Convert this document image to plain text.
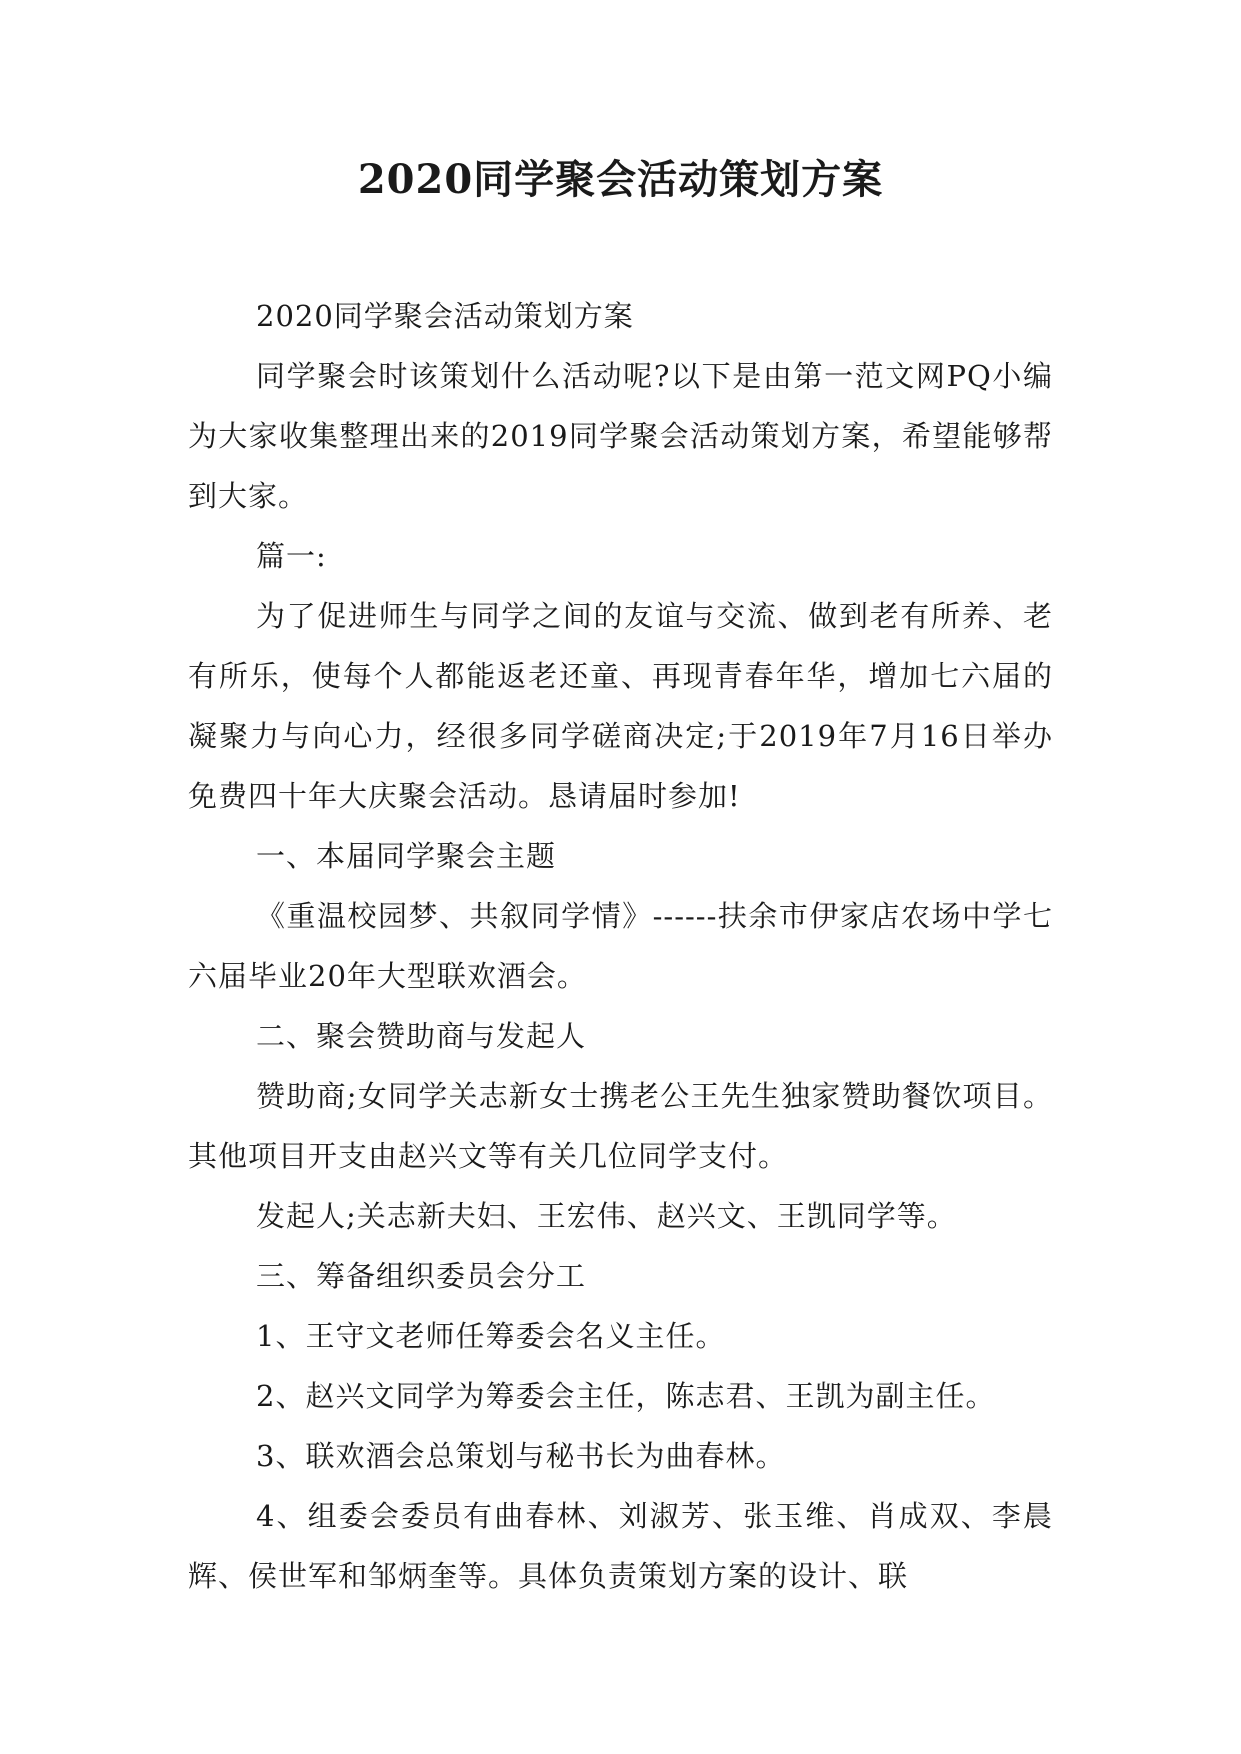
2020同学聚会活动策划方案

2020同学聚会活动策划方案

同学聚会时该策划什么活动呢?以下是由第一范文网PQ小编为大家收集整理出来的2019同学聚会活动策划方案，希望能够帮到大家。

篇一:

为了促进师生与同学之间的友谊与交流、做到老有所养、老有所乐，使每个人都能返老还童、再现青春年华，增加七六届的凝聚力与向心力，经很多同学磋商决定;于2019年7月16日举办免费四十年大庆聚会活动。恳请届时参加!

一、本届同学聚会主题

《重温校园梦、共叙同学情》------扶余市伊家店农场中学七六届毕业20年大型联欢酒会。

二、聚会赞助商与发起人

赞助商;女同学关志新女士携老公王先生独家赞助餐饮项目。其他项目开支由赵兴文等有关几位同学支付。

发起人;关志新夫妇、王宏伟、赵兴文、王凯同学等。

三、筹备组织委员会分工

1、王守文老师任筹委会名义主任。

2、赵兴文同学为筹委会主任，陈志君、王凯为副主任。

3、联欢酒会总策划与秘书长为曲春林。

4、组委会委员有曲春林、刘淑芳、张玉维、肖成双、李晨辉、侯世军和邹炳奎等。具体负责策划方案的设计、联
